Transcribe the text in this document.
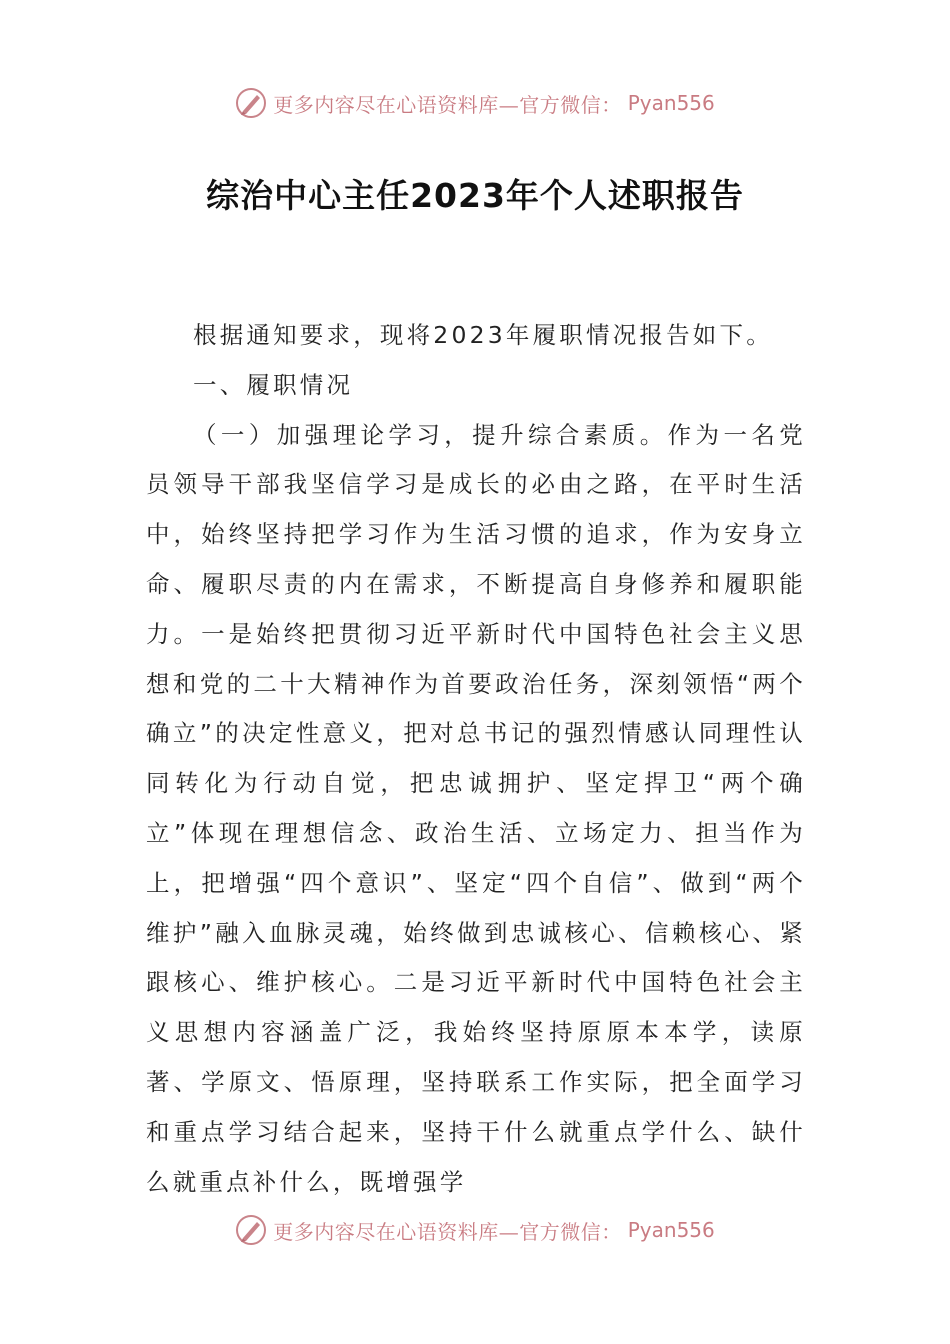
更多内容尽在心语资料库—官方微信： Pyan556
综治中心主任2023年个人述职报告

根据通知要求，现将2023年履职情况报告如下。

一、履职情况

（一）加强理论学习，提升综合素质。作为一名党员领导干部我坚信学习是成长的必由之路，在平时生活中，始终坚持把学习作为生活习惯的追求，作为安身立命、履职尽责的内在需求，不断提高自身修养和履职能力。一是始终把贯彻习近平新时代中国特色社会主义思想和党的二十大精神作为首要政治任务，深刻领悟“两个确立”的决定性意义，把对总书记的强烈情感认同理性认同转化为行动自觉，把忠诚拥护、坚定捍卫“两个确立”体现在理想信念、政治生活、立场定力、担当作为上，把增强“四个意识”、坚定“四个自信”、做到“两个维护”融入血脉灵魂，始终做到忠诚核心、信赖核心、紧跟核心、维护核心。二是习近平新时代中国特色社会主义思想内容涵盖广泛，我始终坚持原原本本学，读原著、学原文、悟原理，坚持联系工作实际，把全面学习和重点学习结合起来，坚持干什么就重点学什么、缺什么就重点补什么，既增强学

更多内容尽在心语资料库—官方微信： Pyan556
